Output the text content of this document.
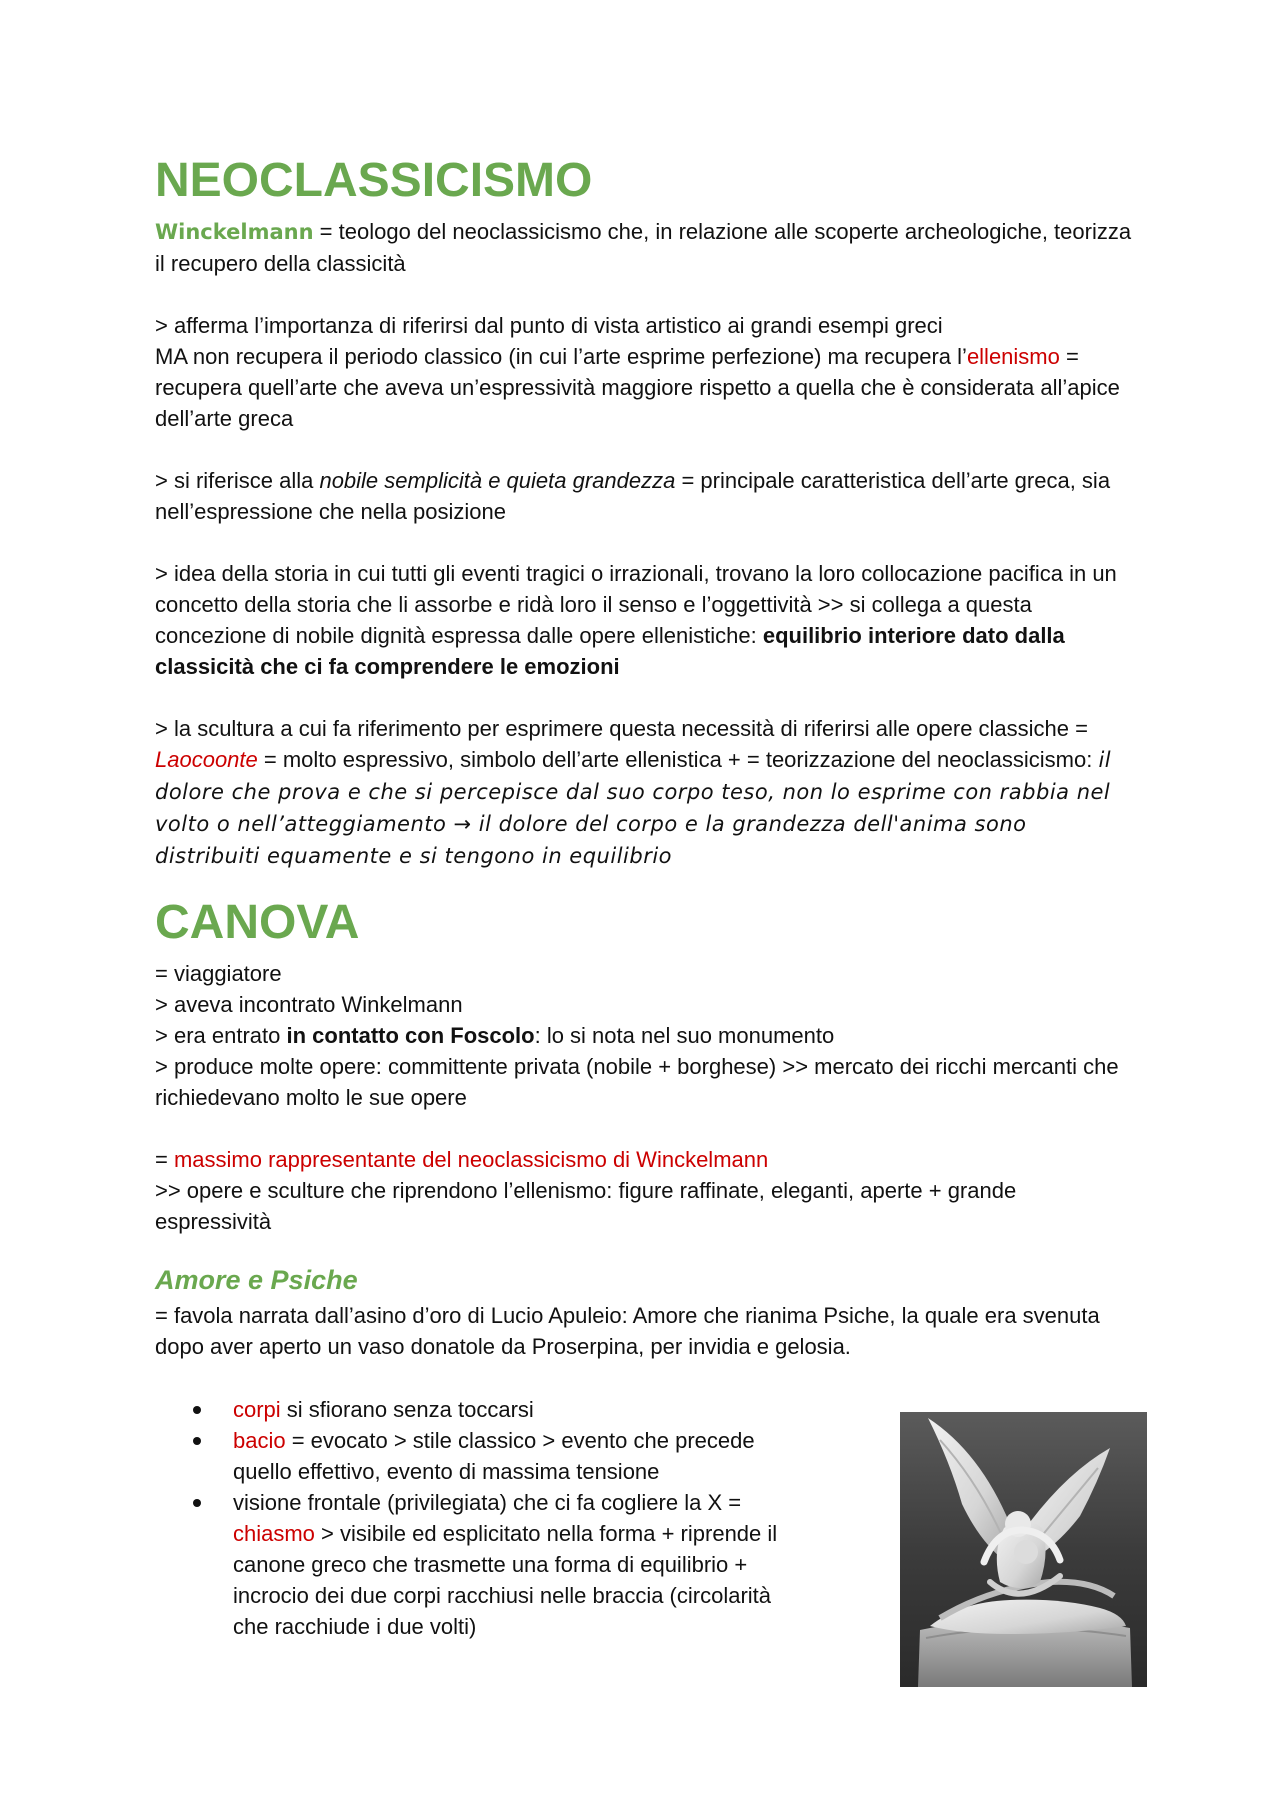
NEOCLASSICISMO

Winckelmann = teologo del neoclassicismo che, in relazione alle scoperte archeologiche, teorizza il recupero della classicità

> afferma l’importanza di riferirsi dal punto di vista artistico ai grandi esempi greci

MA non recupera il periodo classico (in cui l’arte esprime perfezione) ma recupera l’ellenismo = recupera quell’arte che aveva un’espressività maggiore rispetto a quella che è considerata all’apice dell’arte greca

> si riferisce alla nobile semplicità e quieta grandezza = principale caratteristica dell’arte greca, sia nell’espressione che nella posizione

> idea della storia in cui tutti gli eventi tragici o irrazionali, trovano la loro collocazione pacifica in un concetto della storia che li assorbe e ridà loro il senso e l’oggettività >> si collega a questa concezione di nobile dignità espressa dalle opere ellenistiche: equilibrio interiore dato dalla classicità che ci fa comprendere le emozioni

> la scultura a cui fa riferimento per esprimere questa necessità di riferirsi alle opere classiche = Laocoonte = molto espressivo, simbolo dell’arte ellenistica + = teorizzazione del neoclassicismo: il dolore che prova e che si percepisce dal suo corpo teso, non lo esprime con rabbia nel volto o nell’atteggiamento → il dolore del corpo e la grandezza dell'anima sono distribuiti equamente e si tengono in equilibrio

CANOVA

= viaggiatore

> aveva incontrato Winkelmann

> era entrato in contatto con Foscolo: lo si nota nel suo monumento

> produce molte opere: committente privata (nobile + borghese) >> mercato dei ricchi mercanti che richiedevano molto le sue opere

= massimo rappresentante del neoclassicismo di Winckelmann

>> opere e sculture che riprendono l’ellenismo: figure raffinate, eleganti, aperte + grande espressività

Amore e Psiche

= favola narrata dall’asino d’oro di Lucio Apuleio: Amore che rianima Psiche, la quale era svenuta dopo aver aperto un vaso donatole da Proserpina, per invidia e gelosia.

corpi si sfiorano senza toccarsi
bacio = evocato > stile classico > evento che precede quello effettivo, evento di massima tensione
visione frontale (privilegiata) che ci fa cogliere la X = chiasmo > visibile ed esplicitato nella forma + riprende il canone greco che trasmette una forma di equilibrio + incrocio dei due corpi racchiusi nelle braccia (circolarità che racchiude i due volti)
